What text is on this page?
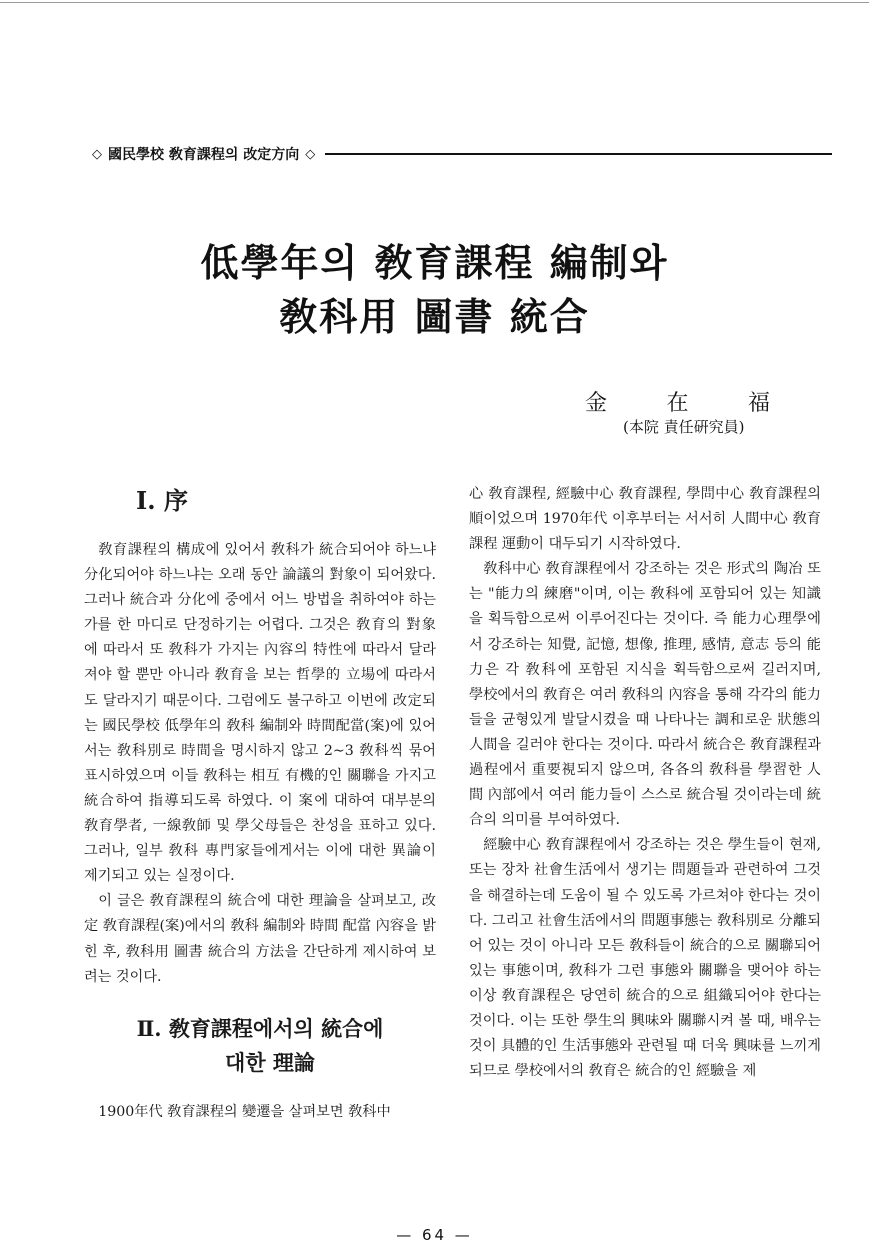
◇ 國民學校 敎育課程의 改定方向 ◇
低學年의 敎育課程 編制와
敎科用 圖書 統合
金	在	福
(本院 責任硏究員)
Ⅰ. 序

敎育課程의 構成에 있어서 敎科가 統合되어야 하느냐 分化되어야 하느냐는 오래 동안 論議의 對象이 되어왔다. 그러나 統合과 分化에 중에서 어느 방법을 취하여야 하는가를 한 마디로 단정하기는 어렵다. 그것은 敎育의 對象에 따라서 또 敎科가 가지는 內容의 特性에 따라서 달라져야 할 뿐만 아니라 敎育을 보는 哲學的 立場에 따라서도 달라지기 때문이다. 그럼에도 불구하고 이번에 改定되는 國民學校 低學年의 敎科 編制와 時間配當(案)에 있어서는 敎科別로 時間을 명시하지 않고 2∼3 敎科씩 묶어 표시하였으며 이들 敎科는 相互 有機的인 關聯을 가지고 統合하여 指導되도록 하였다. 이 案에 대하여 대부분의 敎育學者, 一線敎師 및 學父母들은 찬성을 표하고 있다. 그러나, 일부 敎科 專門家들에게서는 이에 대한 異論이 제기되고 있는 실정이다.

이 글은 敎育課程의 統合에 대한 理論을 살펴보고, 改定 敎育課程(案)에서의 敎科 編制와 時間 配當 內容을 밝힌 후, 敎科用 圖書 統合의 方法을 간단하게 제시하여 보려는 것이다.

Ⅱ. 敎育課程에서의 統合에
대한 理論

1900年代 敎育課程의 變遷을 살펴보면 敎科中

心 敎育課程, 經驗中心 敎育課程, 學問中心 敎育課程의 順이었으며 1970年代 이후부터는 서서히 人間中心 敎育課程 運動이 대두되기 시작하였다.

敎科中心 敎育課程에서 강조하는 것은 形式의 陶冶 또는 "能力의 練磨"이며, 이는 敎科에 포함되어 있는 知識을 획득함으로써 이루어진다는 것이다. 즉 能力心理學에서 강조하는 知覺, 記憶, 想像, 推理, 感情, 意志 등의 能力은 각 敎科에 포함된 지식을 획득함으로써 길러지며, 學校에서의 敎育은 여러 敎科의 內容을 통해 각각의 能力들을 균형있게 발달시켰을 때 나타나는 調和로운 狀態의 人間을 길러야 한다는 것이다. 따라서 統合은 敎育課程과 過程에서 重要視되지 않으며, 各各의 敎科를 學習한 人間 內部에서 여러 能力들이 스스로 統合될 것이라는데 統合의 의미를 부여하였다.

經驗中心 敎育課程에서 강조하는 것은 學生들이 현재, 또는 장차 社會生活에서 생기는 問題들과 관련하여 그것을 해결하는데 도움이 될 수 있도록 가르쳐야 한다는 것이다. 그리고 社會生活에서의 問題事態는 敎科別로 分離되어 있는 것이 아니라 모든 敎科들이 統合的으로 關聯되어 있는 事態이며, 敎科가 그런 事態와 關聯을 맺어야 하는 이상 敎育課程은 당연히 統合的으로 組織되어야 한다는 것이다. 이는 또한 學生의 興味와 關聯시켜 볼 때, 배우는 것이 具體的인 生活事態와 관련될 때 더욱 興味를 느끼게 되므로 學校에서의 敎育은 統合的인 經驗을 제

— 64 —
